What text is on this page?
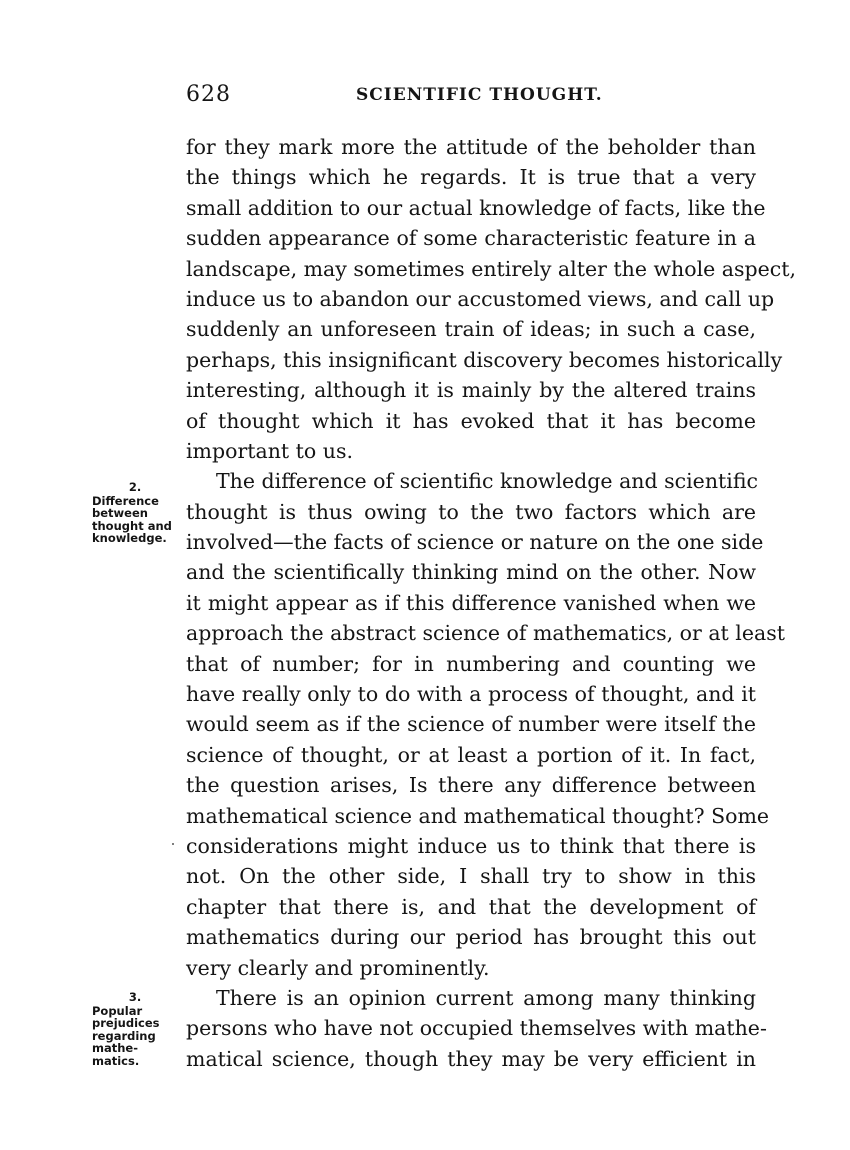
628	SCIENTIFIC THOUGHT.
for they mark more the attitude of the beholder than
the things which he regards. It is true that a very
small addition to our actual knowledge of facts, like the
sudden appearance of some characteristic feature in a
landscape, may sometimes entirely alter the whole aspect,
induce us to abandon our accustomed views, and call up
suddenly an unforeseen train of ideas; in such a case,
perhaps, this insignificant discovery becomes historically
interesting, although it is mainly by the altered trains
of thought which it has evoked that it has become
important to us.
The difference of scientific knowledge and scientific
thought is thus owing to the two factors which are
involved—the facts of science or nature on the one side
and the scientifically thinking mind on the other. Now
it might appear as if this difference vanished when we
approach the abstract science of mathematics, or at least
that of number; for in numbering and counting we
have really only to do with a process of thought, and it
would seem as if the science of number were itself the
science of thought, or at least a portion of it. In fact,
the question arises, Is there any difference between
mathematical science and mathematical thought? Some
considerations might induce us to think that there is
not. On the other side, I shall try to show in this
chapter that there is, and that the development of
mathematics during our period has brought this out
very clearly and prominently.
There is an opinion current among many thinking
persons who have not occupied themselves with mathe-
matical science, though they may be very efficient in
2.
Difference
between
thought and
knowledge.
3.
Popular
prejudices
regarding
mathe-
matics.
